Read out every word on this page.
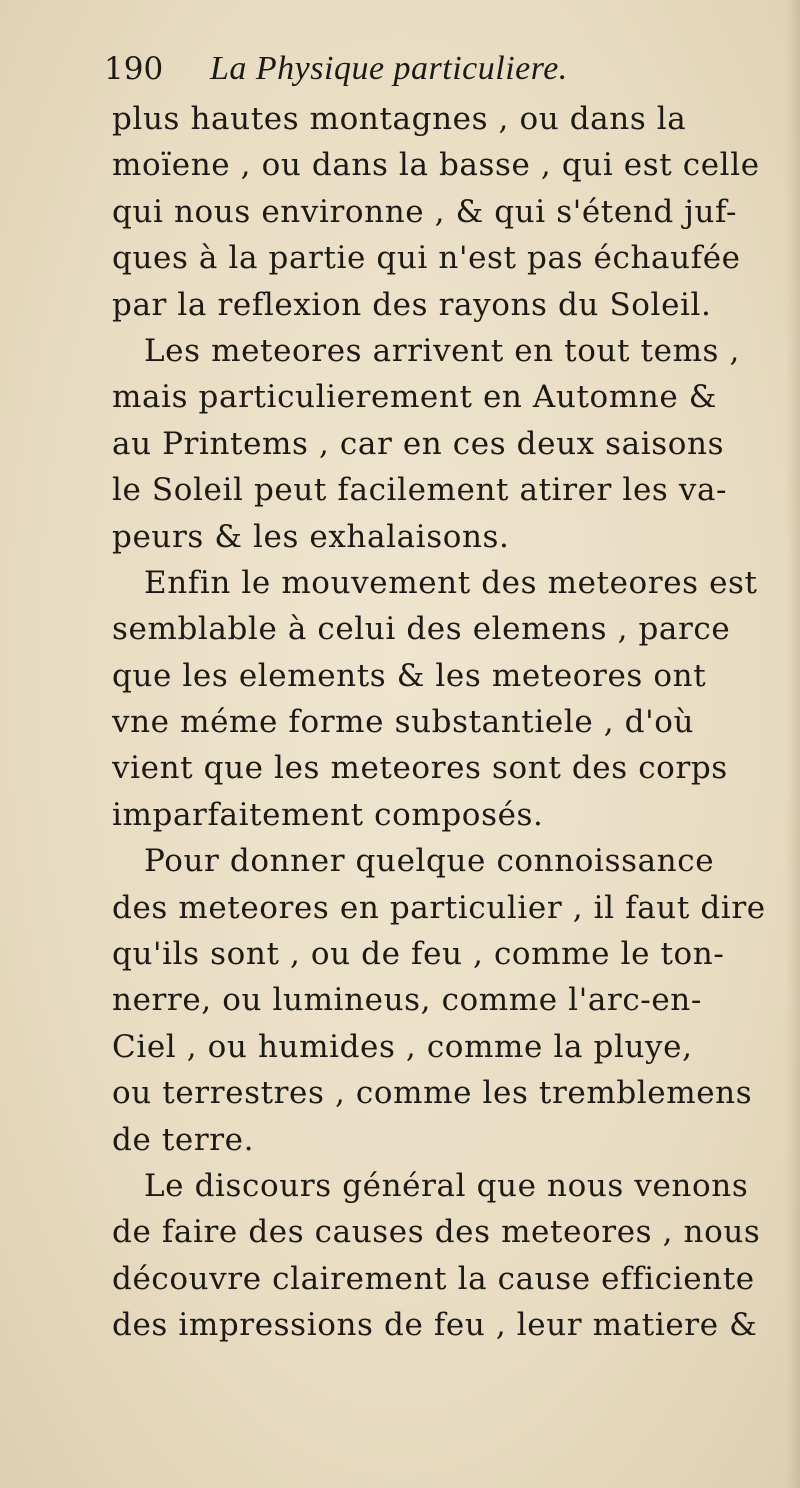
190 La Physique particuliere.
plus hautes montagnes , ou dans la
moïene , ou dans la basse , qui est celle
qui nous environne , & qui s'étend juf-
ques à la partie qui n'est pas échaufée
par la reflexion des rayons du Soleil.
Les meteores arrivent en tout tems ,
mais particulierement en Automne &
au Printems , car en ces deux saisons
le Soleil peut facilement atirer les va-
peurs & les exhalaisons.
Enfin le mouvement des meteores est
semblable à celui des elemens , parce
que les elements & les meteores ont
vne méme forme substantiele , d'où
vient que les meteores sont des corps
imparfaitement composés.
Pour donner quelque connoissance
des meteores en particulier , il faut dire
qu'ils sont , ou de feu , comme le ton-
nerre, ou lumineus, comme l'arc-en-
Ciel , ou humides , comme la pluye,
ou terrestres , comme les tremblemens
de terre.
Le discours général que nous venons
de faire des causes des meteores , nous
découvre clairement la cause efficiente
des impressions de feu , leur matiere &
